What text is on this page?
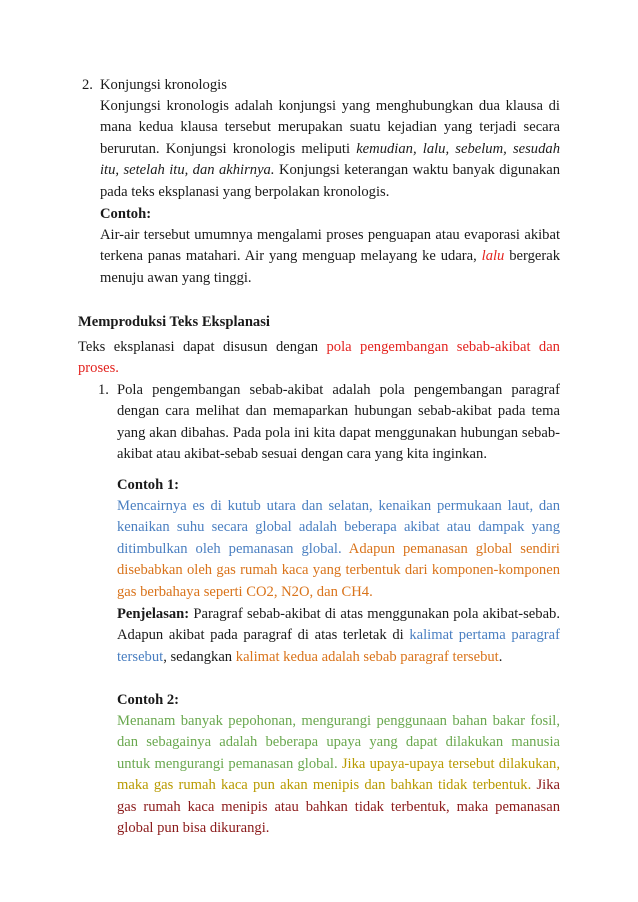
2. Konjungsi kronologis

Konjungsi kronologis adalah konjungsi yang menghubungkan dua klausa di mana kedua klausa tersebut merupakan suatu kejadian yang terjadi secara berurutan. Konjungsi kronologis meliputi kemudian, lalu, sebelum, sesudah itu, setelah itu, dan akhirnya. Konjungsi keterangan waktu banyak digunakan pada teks eksplanasi yang berpolakan kronologis.

Contoh:

Air-air tersebut umumnya mengalami proses penguapan atau evaporasi akibat terkena panas matahari. Air yang menguap melayang ke udara, lalu bergerak menuju awan yang tinggi.

Memproduksi Teks Eksplanasi

Teks eksplanasi dapat disusun dengan pola pengembangan sebab-akibat dan proses.

1. Pola pengembangan sebab-akibat adalah pola pengembangan paragraf dengan cara melihat dan memaparkan hubungan sebab-akibat pada tema yang akan dibahas. Pada pola ini kita dapat menggunakan hubungan sebab-akibat atau akibat-sebab sesuai dengan cara yang kita inginkan.

Contoh 1:

Mencairnya es di kutub utara dan selatan, kenaikan permukaan laut, dan kenaikan suhu secara global adalah beberapa akibat atau dampak yang ditimbulkan oleh pemanasan global. Adapun pemanasan global sendiri disebabkan oleh gas rumah kaca yang terbentuk dari komponen-komponen gas berbahaya seperti CO2, N2O, dan CH4.

Penjelasan: Paragraf sebab-akibat di atas menggunakan pola akibat-sebab. Adapun akibat pada paragraf di atas terletak di kalimat pertama paragraf tersebut, sedangkan kalimat kedua adalah sebab paragraf tersebut.

Contoh 2:

Menanam banyak pepohonan, mengurangi penggunaan bahan bakar fosil, dan sebagainya adalah beberapa upaya yang dapat dilakukan manusia untuk mengurangi pemanasan global. Jika upaya-upaya tersebut dilakukan, maka gas rumah kaca pun akan menipis dan bahkan tidak terbentuk. Jika gas rumah kaca menipis atau bahkan tidak terbentuk, maka pemanasan global pun bisa dikurangi.
